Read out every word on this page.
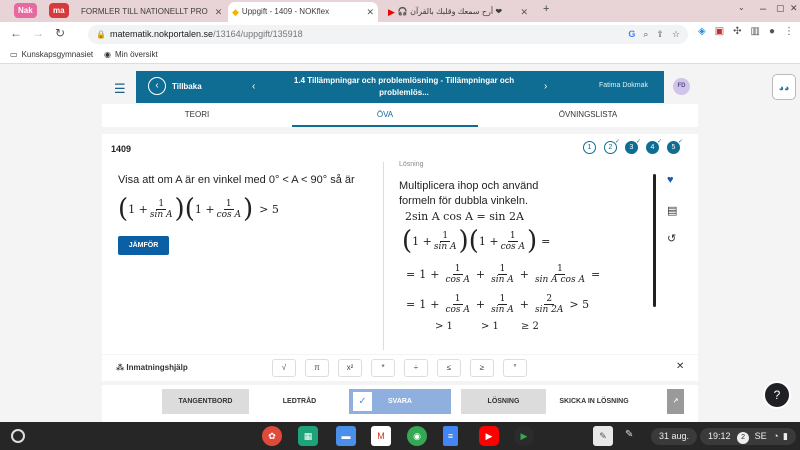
Nak	ma	FORMLER TILL NATIONELLT PRO ✕ ◆ Uppgift - 1409 - NOKflex	✕ ▶ 🎧 أرح سمعك وقلبك بالقرآن ❤	✕ +	⌄ – ▢ ✕
← → ↻	🔒 matematik.nokportalen.se/13164/uppgift/135918	G ⌕ ⇪ ☆ ◈ ▣ ✣ ▥ ● ⋮
▭ Kunskapsgymnasiet ◉ Min översikt
☰	‹	Tillbaka	‹
1.4 Tillämpningar och problemlösning - Tillämpningar och problemlös...
›	Fatima Dokmak	FD	◕◕
TEORI	ÖVA	ÖVNINGSLISTA
1409	1	2
✓
3
✓
4
✓
5
✓
Visa att om A är en vinkel med 0° < A < 90° så är
( $1 + \frac{1}{\text{sin A}}$ ) ( $1 + \frac{1}{\text{cos A}}$ ) > 5
JÄMFÖR
Lösning
Multiplicera ihop och använd formeln för dubbla vinkeln.
2sin A cos A = sin 2A
( $1 + \frac{1}{\text{sin A}}$ ) ( $1 + \frac{1}{\text{cos A}}$ ) =
= $1 + \frac{1}{\text{cos A}} + \frac{1}{\text{sin A}} + \frac{1}{\text{sin A cos A}}$ =
= $1 + \frac{1}{\text{cos A}} + \frac{1}{\text{sin A}} + \frac{2}{\sin 2A} > 5$
> 1	> 1 ≥ 2
♥
▤
↺
⁂ Inmatningshjälp	√	π	x²	*	÷	≤	≥	°	✕
TANGENTBORD	LEDTRÅD	✓	SVARA	LÖSNING	SKICKA IN LÖSNING	↗	?
✿	▦	▬	M	◉	≡	▶	▶	✎	✎	31 aug.	19:12 2 SE ◔ ▮
